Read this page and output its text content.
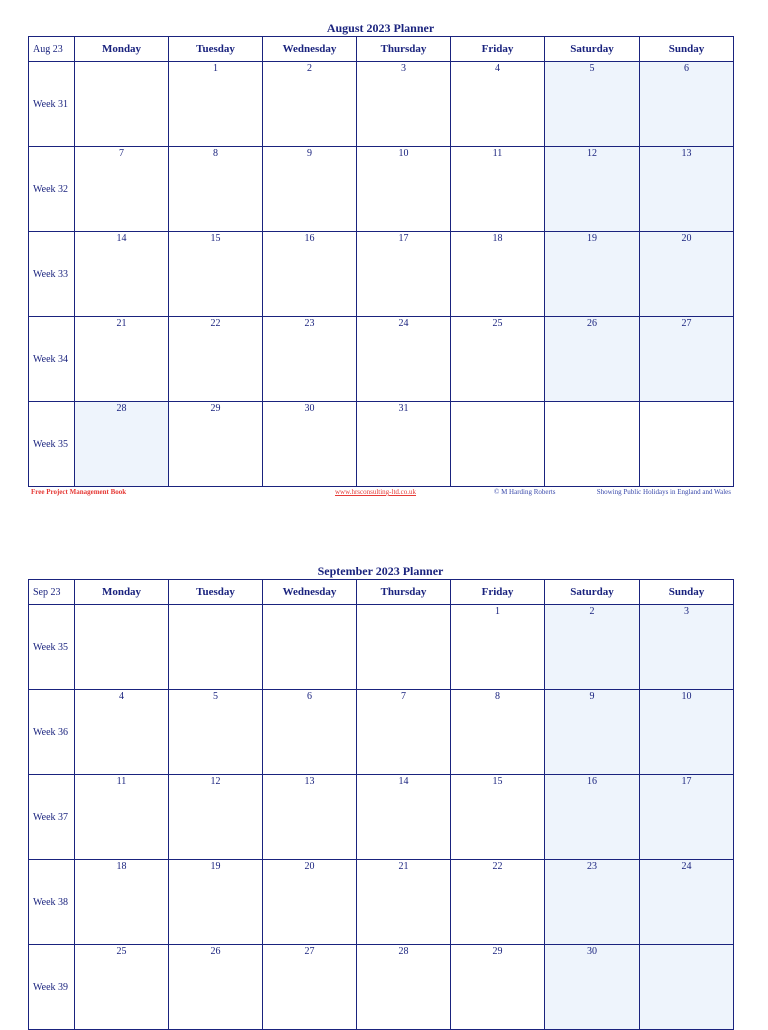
August 2023 Planner
Aug 23	Monday	Tuesday	Wednesday	Thursday	Friday	Saturday	Sunday
Week 31		1	2	3	4	5	6

Week 32	7	8	9	10	11	12	13

Week 33	14	15	16	17	18	19	20

Week 34	21	22	23	24	25	26	27

Week 35	28	29	30	31			

Free Project Management Book	www.hrsconsulting-ltd.co.uk	© M Harding Roberts	Showing Public Holidays in England and Wales
September 2023 Planner
Sep 23	Monday	Tuesday	Wednesday	Thursday	Friday	Saturday	Sunday
Week 35					1	2	3

Week 36	4	5	6	7	8	9	10

Week 37	11	12	13	14	15	16	17

Week 38	18	19	20	21	22	23	24

Week 39	25	26	27	28	29	30	
